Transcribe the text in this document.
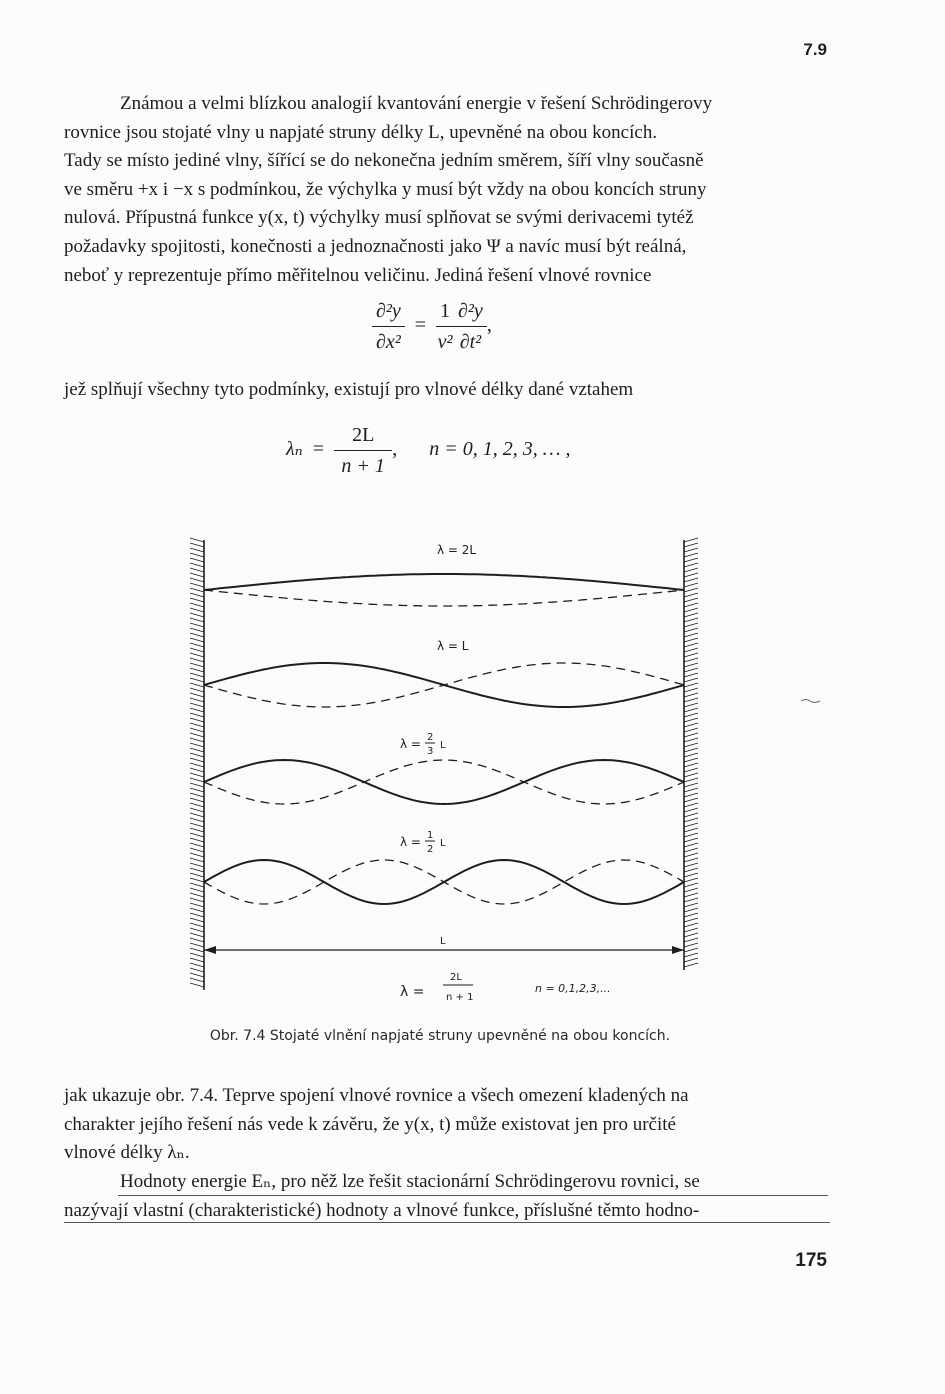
7.9
Známou a velmi blízkou analogií kvantování energie v řešení Schrödingerovy
rovnice jsou stojaté vlny u napjaté struny délky L, upevněné na obou koncích.
Tady se místo jediné vlny, šířící se do nekonečna jedním směrem, šíří vlny současně
ve směru +x i −x s podmínkou, že výchylka y musí být vždy na obou koncích struny
nulová. Přípustná funkce y(x, t) výchylky musí splňovat se svými derivacemi tytéž
požadavky spojitosti, konečnosti a jednoznačnosti jako Ψ a navíc musí být reálná,
neboť y reprezentuje přímo měřitelnou veličinu. Jediná řešení vlnové rovnice
$\frac{\text{∂²y}}{\text{∂x²}} = \frac{1}{\text{v²}} \frac{\text{∂²y}}{\text{∂t²}}$ ,

jež splňují všechny tyto podmínky, existují pro vlnové délky dané vztahem

$\lambda_n = \frac{2L}{n + 1}$ , n = 0, 1, 2, 3, … ,
λ = 2L
λ = L
λ = 2
3
L
λ = 1
2
L
L
λ =
2L
n + 1
n = 0,1,2,3,...
Obr. 7.4 Stojaté vlnění napjaté struny upevněné na obou koncích.
jak ukazuje obr. 7.4. Teprve spojení vlnové rovnice a všech omezení kladených na
charakter jejího řešení nás vede k závěru, že y(x, t) může existovat jen pro určité
vlnové délky λₙ.
Hodnoty energie Eₙ, pro něž lze řešit stacionární Schrödingerovu rovnici, se
nazývají vlastní (charakteristické) hodnoty a vlnové funkce, příslušné těmto hodno-
175
